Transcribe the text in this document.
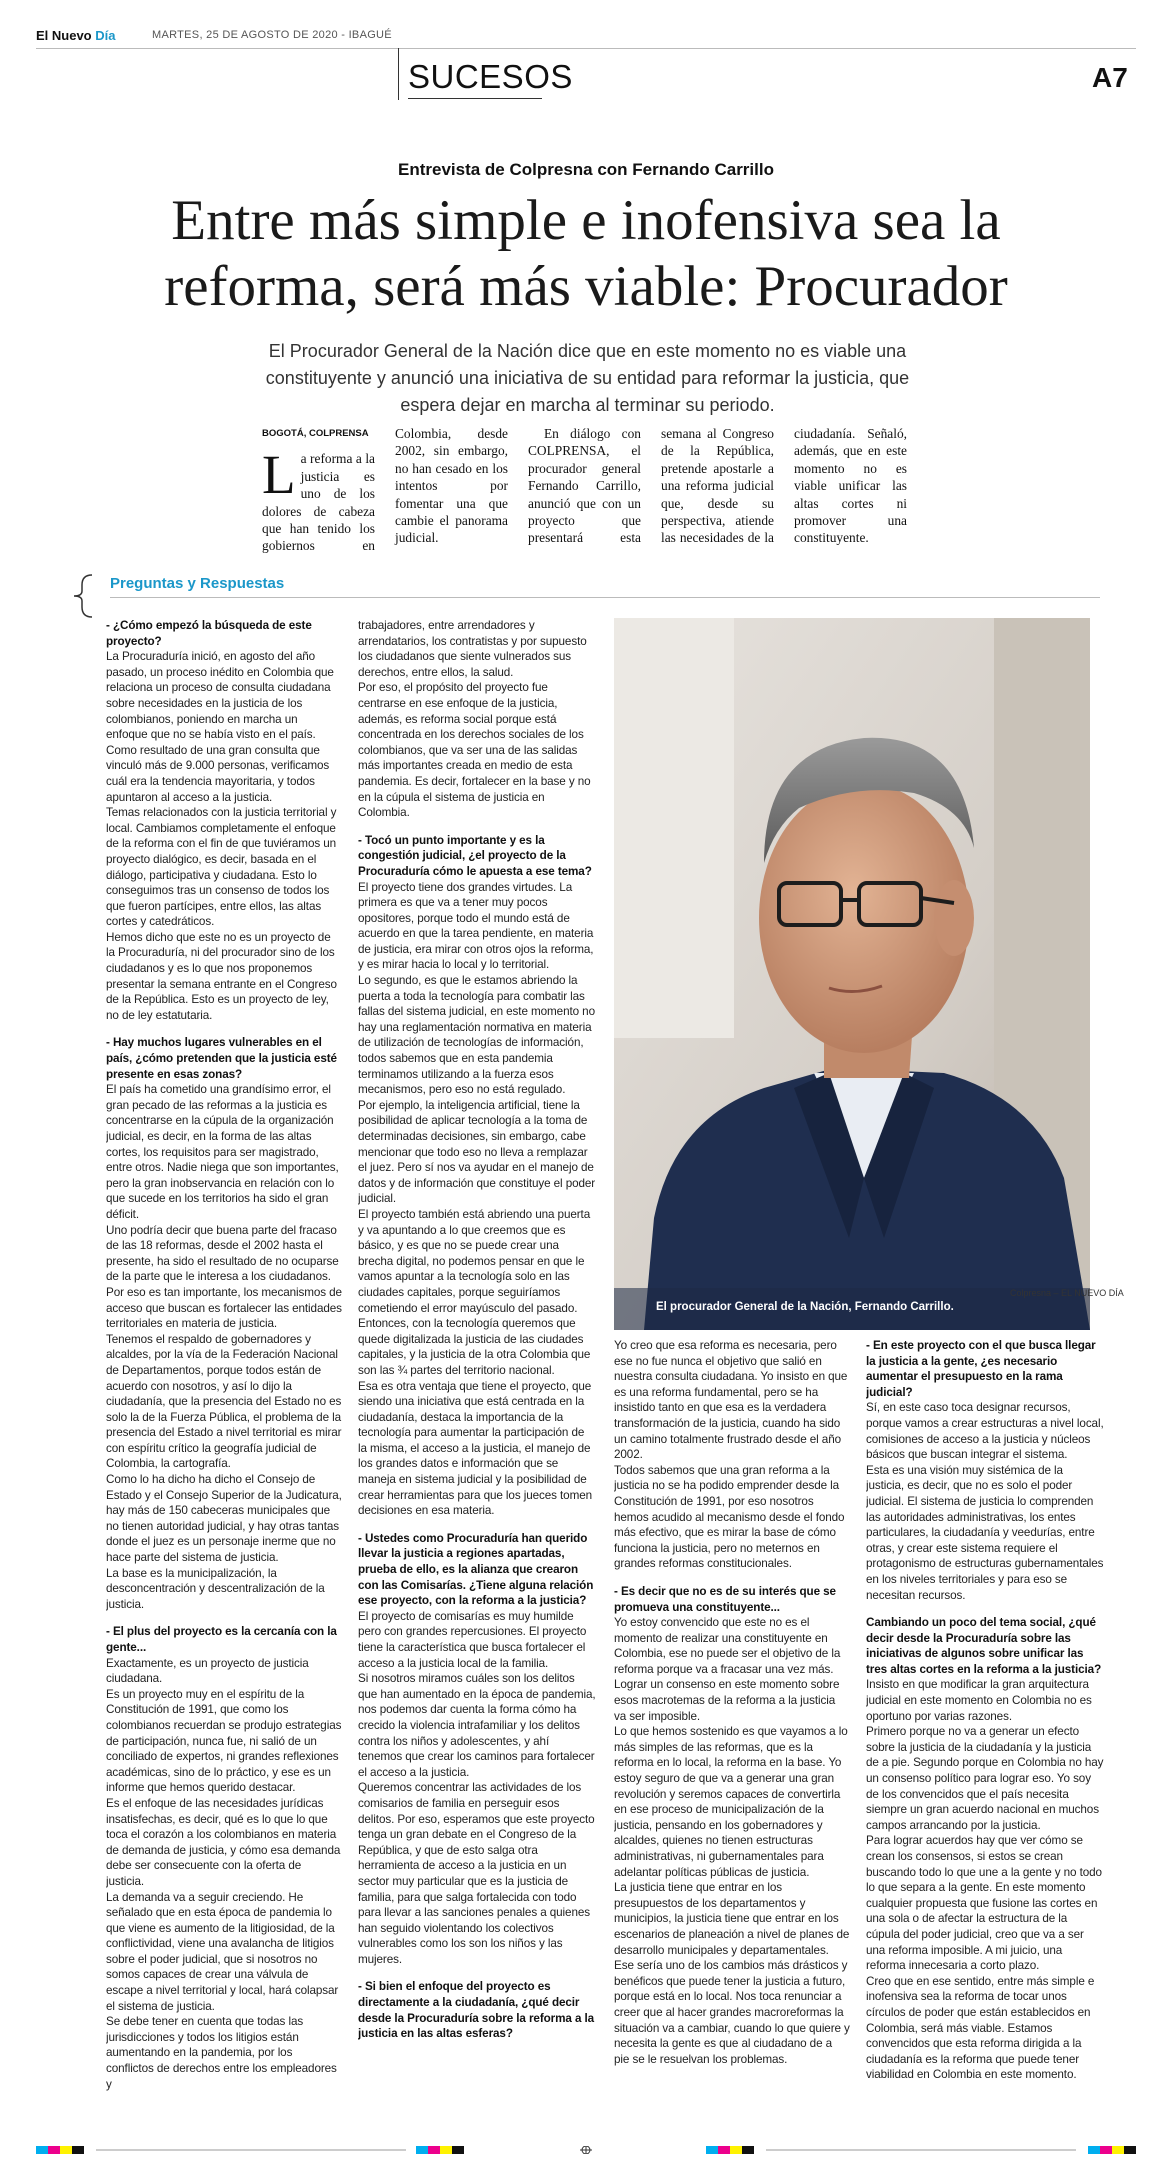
El Nuevo Día	MARTES, 25 DE AGOSTO DE 2020 - IBAGUÉ
SUCESOS	A7
Entrevista de Colpresna con Fernando Carrillo
Entre más simple e inofensiva sea la
reforma, será más viable: Procurador
El Procurador General de la Nación dice que en este momento no es viable una constituyente y anunció una iniciativa de su entidad para reformar la justicia, que espera dejar en marcha al terminar su periodo.
BOGOTÁ, COLPRENSA
L a reforma a la justicia es uno de los dolores de cabeza que han tenido los gobiernos en Colombia, desde 2002, sin embargo, no han cesado en los intentos por fomentar una que cambie el panorama judicial.
En diálogo con COLPRENSA, el procurador general Fernando Carrillo, anunció que con un proyecto que presentará esta semana al Congreso de la República, pretende apostarle a una reforma judicial que, desde su perspectiva, atiende las necesidades de la ciudadanía. Señaló, además, que en este momento no es viable unificar las altas cortes ni promover una constituyente.
Preguntas y Respuestas

- ¿Cómo empezó la búsqueda de este proyecto?

La Procuraduría inició, en agosto del año pasado, un proceso inédito en Colombia que relaciona un proceso de consulta ciudadana sobre necesidades en la justicia de los colombianos, poniendo en marcha un enfoque que no se había visto en el país. Como resultado de una gran consulta que vinculó más de 9.000 personas, verificamos cuál era la tendencia mayoritaria, y todos apuntaron al acceso a la justicia.

Temas relacionados con la justicia territorial y local. Cambiamos completamente el enfoque de la reforma con el fin de que tuviéramos un proyecto dialógico, es decir, basada en el diálogo, participativa y ciudadana. Esto lo conseguimos tras un consenso de todos los que fueron partícipes, entre ellos, las altas cortes y catedráticos.

Hemos dicho que este no es un proyecto de la Procuraduría, ni del procurador sino de los ciudadanos y es lo que nos proponemos presentar la semana entrante en el Congreso de la República. Esto es un proyecto de ley, no de ley estatutaria.

- Hay muchos lugares vulnerables en el país, ¿cómo pretenden que la justicia esté presente en esas zonas?

El país ha cometido una grandísimo error, el gran pecado de las reformas a la justicia es concentrarse en la cúpula de la organización judicial, es decir, en la forma de las altas cortes, los requisitos para ser magistrado, entre otros. Nadie niega que son importantes, pero la gran inobservancia en relación con lo que sucede en los territorios ha sido el gran déficit.

Uno podría decir que buena parte del fracaso de las 18 reformas, desde el 2002 hasta el presente, ha sido el resultado de no ocuparse de la parte que le interesa a los ciudadanos. Por eso es tan importante, los mecanismos de acceso que buscan es fortalecer las entidades territoriales en materia de justicia.

Tenemos el respaldo de gobernadores y alcaldes, por la vía de la Federación Nacional de Departamentos, porque todos están de acuerdo con nosotros, y así lo dijo la ciudadanía, que la presencia del Estado no es solo la de la Fuerza Pública, el problema de la presencia del Estado a nivel territorial es mirar con espíritu crítico la geografía judicial de Colombia, la cartografía.

Como lo ha dicho ha dicho el Consejo de Estado y el Consejo Superior de la Judicatura, hay más de 150 cabeceras municipales que no tienen autoridad judicial, y hay otras tantas donde el juez es un personaje inerme que no hace parte del sistema de justicia.

La base es la municipalización, la desconcentración y descentralización de la justicia.

- El plus del proyecto es la cercanía con la gente...

Exactamente, es un proyecto de justicia ciudadana.

Es un proyecto muy en el espíritu de la Constitución de 1991, que como los colombianos recuerdan se produjo estrategias de participación, nunca fue, ni salió de un conciliado de expertos, ni grandes reflexiones académicas, sino de lo práctico, y ese es un informe que hemos querido destacar.

Es el enfoque de las necesidades jurídicas insatisfechas, es decir, qué es lo que lo que toca el corazón a los colombianos en materia de demanda de justicia, y cómo esa demanda debe ser consecuente con la oferta de justicia.

La demanda va a seguir creciendo. He señalado que en esta época de pandemia lo que viene es aumento de la litigiosidad, de la conflictividad, viene una avalancha de litigios sobre el poder judicial, que si nosotros no somos capaces de crear una válvula de escape a nivel territorial y local, hará colapsar el sistema de justicia.

Se debe tener en cuenta que todas las jurisdicciones y todos los litigios están aumentando en la pandemia, por los conflictos de derechos entre los empleadores y

trabajadores, entre arrendadores y arrendatarios, los contratistas y por supuesto los ciudadanos que siente vulnerados sus derechos, entre ellos, la salud.

Por eso, el propósito del proyecto fue centrarse en ese enfoque de la justicia, además, es reforma social porque está concentrada en los derechos sociales de los colombianos, que va ser una de las salidas más importantes creada en medio de esta pandemia. Es decir, fortalecer en la base y no en la cúpula el sistema de justicia en Colombia.

- Tocó un punto importante y es la congestión judicial, ¿el proyecto de la Procuraduría cómo le apuesta a ese tema?

El proyecto tiene dos grandes virtudes. La primera es que va a tener muy pocos opositores, porque todo el mundo está de acuerdo en que la tarea pendiente, en materia de justicia, era mirar con otros ojos la reforma, y es mirar hacia lo local y lo territorial.

Lo segundo, es que le estamos abriendo la puerta a toda la tecnología para combatir las fallas del sistema judicial, en este momento no hay una reglamentación normativa en materia de utilización de tecnologías de información, todos sabemos que en esta pandemia terminamos utilizando a la fuerza esos mecanismos, pero eso no está regulado.

Por ejemplo, la inteligencia artificial, tiene la posibilidad de aplicar tecnología a la toma de determinadas decisiones, sin embargo, cabe mencionar que todo eso no lleva a remplazar el juez. Pero sí nos va ayudar en el manejo de datos y de información que constituye el poder judicial.

El proyecto también está abriendo una puerta y va apuntando a lo que creemos que es básico, y es que no se puede crear una brecha digital, no podemos pensar en que le vamos apuntar a la tecnología solo en las ciudades capitales, porque seguiríamos cometiendo el error mayúsculo del pasado.

Entonces, con la tecnología queremos que quede digitalizada la justicia de las ciudades capitales, y la justicia de la otra Colombia que son las ¾ partes del territorio nacional.

Esa es otra ventaja que tiene el proyecto, que siendo una iniciativa que está centrada en la ciudadanía, destaca la importancia de la tecnología para aumentar la participación de la misma, el acceso a la justicia, el manejo de los grandes datos e información que se maneja en sistema judicial y la posibilidad de crear herramientas para que los jueces tomen decisiones en esa materia.

- Ustedes como Procuraduría han querido llevar la justicia a regiones apartadas, prueba de ello, es la alianza que crearon con las Comisarías. ¿Tiene alguna relación ese proyecto, con la reforma a la justicia?

El proyecto de comisarías es muy humilde pero con grandes repercusiones. El proyecto tiene la característica que busca fortalecer el acceso a la justicia local de la familia.

Si nosotros miramos cuáles son los delitos que han aumentado en la época de pandemia, nos podemos dar cuenta la forma cómo ha crecido la violencia intrafamiliar y los delitos contra los niños y adolescentes, y ahí tenemos que crear los caminos para fortalecer el acceso a la justicia.

Queremos concentrar las actividades de los comisarios de familia en perseguir esos delitos. Por eso, esperamos que este proyecto tenga un gran debate en el Congreso de la República, y que de esto salga otra herramienta de acceso a la justicia en un sector muy particular que es la justicia de familia, para que salga fortalecida con todo para llevar a las sanciones penales a quienes han seguido violentando los colectivos vulnerables como los son los niños y las mujeres.

- Si bien el enfoque del proyecto es directamente a la ciudadanía, ¿qué decir desde la Procuraduría sobre la reforma a la justicia en las altas esferas?

Colpresna – EL NUEVO DÍA
El procurador General de la Nación, Fernando Carrillo.

Yo creo que esa reforma es necesaria, pero ese no fue nunca el objetivo que salió en nuestra consulta ciudadana. Yo insisto en que es una reforma fundamental, pero se ha insistido tanto en que esa es la verdadera transformación de la justicia, cuando ha sido un camino totalmente frustrado desde el año 2002.

Todos sabemos que una gran reforma a la justicia no se ha podido emprender desde la Constitución de 1991, por eso nosotros hemos acudido al mecanismo desde el fondo más efectivo, que es mirar la base de cómo funciona la justicia, pero no meternos en grandes reformas constitucionales.

- Es decir que no es de su interés que se promueva una constituyente...

Yo estoy convencido que este no es el momento de realizar una constituyente en Colombia, ese no puede ser el objetivo de la reforma porque va a fracasar una vez más. Lograr un consenso en este momento sobre esos macrotemas de la reforma a la justicia va ser imposible.

Lo que hemos sostenido es que vayamos a lo más simples de las reformas, que es la reforma en lo local, la reforma en la base. Yo estoy seguro de que va a generar una gran revolución y seremos capaces de convertirla en ese proceso de municipalización de la justicia, pensando en los gobernadores y alcaldes, quienes no tienen estructuras administrativas, ni gubernamentales para adelantar políticas públicas de justicia.

La justicia tiene que entrar en los presupuestos de los departamentos y municipios, la justicia tiene que entrar en los escenarios de planeación a nivel de planes de desarrollo municipales y departamentales.

Ese sería uno de los cambios más drásticos y benéficos que puede tener la justicia a futuro, porque está en lo local. Nos toca renunciar a creer que al hacer grandes macroreformas la situación va a cambiar, cuando lo que quiere y necesita la gente es que al ciudadano de a pie se le resuelvan los problemas.

- En este proyecto con el que busca llegar la justicia a la gente, ¿es necesario aumentar el presupuesto en la rama judicial?

Sí, en este caso toca designar recursos, porque vamos a crear estructuras a nivel local, comisiones de acceso a la justicia y núcleos básicos que buscan integrar el sistema.

Esta es una visión muy sistémica de la justicia, es decir, que no es solo el poder judicial. El sistema de justicia lo comprenden las autoridades administrativas, los entes particulares, la ciudadanía y veedurías, entre otras, y crear este sistema requiere el protagonismo de estructuras gubernamentales en los niveles territoriales y para eso se necesitan recursos.

Cambiando un poco del tema social, ¿qué decir desde la Procuraduría sobre las iniciativas de algunos sobre unificar las tres altas cortes en la reforma a la justicia?

Insisto en que modificar la gran arquitectura judicial en este momento en Colombia no es oportuno por varias razones.

Primero porque no va a generar un efecto sobre la justicia de la ciudadanía y la justicia de a pie. Segundo porque en Colombia no hay un consenso político para lograr eso. Yo soy de los convencidos que el país necesita siempre un gran acuerdo nacional en muchos campos arrancando por la justicia.

Para lograr acuerdos hay que ver cómo se crean los consensos, si estos se crean buscando todo lo que une a la gente y no todo lo que separa a la gente. En este momento cualquier propuesta que fusione las cortes en una sola o de afectar la estructura de la cúpula del poder judicial, creo que va a ser una reforma imposible. A mi juicio, una reforma innecesaria a corto plazo.

Creo que en ese sentido, entre más simple e inofensiva sea la reforma de tocar unos círculos de poder que están establecidos en Colombia, será más viable. Estamos convencidos que esta reforma dirigida a la ciudadanía es la reforma que puede tener viabilidad en Colombia en este momento.
